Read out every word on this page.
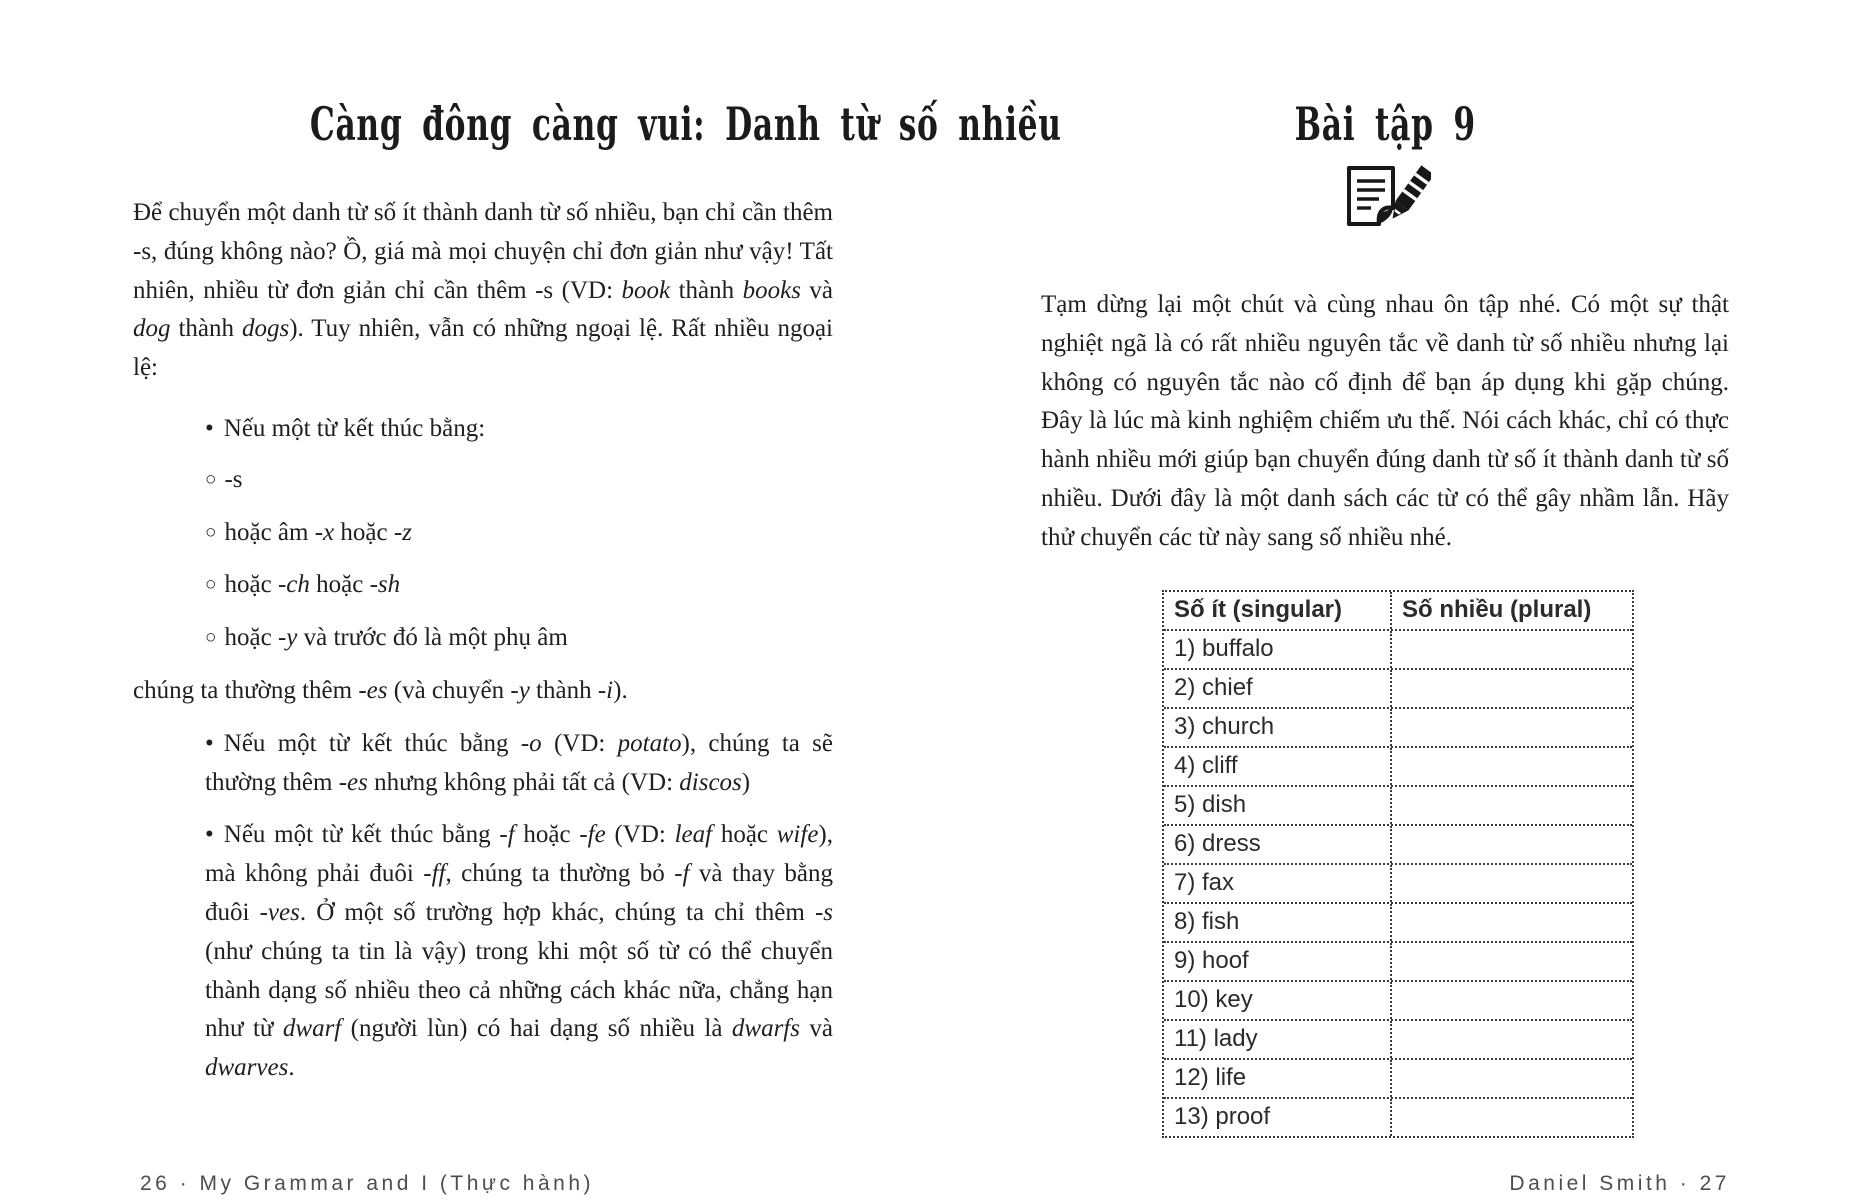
Càng đông càng vui: Danh từ số nhiều

Để chuyển một danh từ số ít thành danh từ số nhiều, bạn chỉ cần thêm -s, đúng không nào? Ồ, giá mà mọi chuyện chỉ đơn giản như vậy! Tất nhiên, nhiều từ đơn giản chỉ cần thêm -s (VD: book thành books và dog thành dogs). Tuy nhiên, vẫn có những ngoại lệ. Rất nhiều ngoại lệ:

• Nếu một từ kết thúc bằng:
○ -s
○ hoặc âm -x hoặc -z
○ hoặc -ch hoặc -sh
○ hoặc -y và trước đó là một phụ âm

chúng ta thường thêm -es (và chuyển -y thành -i).

• Nếu một từ kết thúc bằng -o (VD: potato), chúng ta sẽ thường thêm -es nhưng không phải tất cả (VD: discos)
• Nếu một từ kết thúc bằng -f hoặc -fe (VD: leaf hoặc wife), mà không phải đuôi -ff, chúng ta thường bỏ -f và thay bằng đuôi -ves. Ở một số trường hợp khác, chúng ta chỉ thêm -s (như chúng ta tin là vậy) trong khi một số từ có thể chuyển thành dạng số nhiều theo cả những cách khác nữa, chẳng hạn như từ dwarf (người lùn) có hai dạng số nhiều là dwarfs và dwarves.
Bài tập 9

Tạm dừng lại một chút và cùng nhau ôn tập nhé. Có một sự thật nghiệt ngã là có rất nhiều nguyên tắc về danh từ số nhiều nhưng lại không có nguyên tắc nào cố định để bạn áp dụng khi gặp chúng. Đây là lúc mà kinh nghiệm chiếm ưu thế. Nói cách khác, chỉ có thực hành nhiều mới giúp bạn chuyển đúng danh từ số ít thành danh từ số nhiều. Dưới đây là một danh sách các từ có thể gây nhầm lẫn. Hãy thử chuyển các từ này sang số nhiều nhé.

Số ít (singular)	Số nhiều (plural)
1) buffalo
2) chief
3) church
4) cliff
5) dish
6) dress
7) fax
8) fish
9) hoof
10) key
11) lady
12) life
13) proof
26 · My Grammar and I (Thực hành)	Daniel Smith · 27
